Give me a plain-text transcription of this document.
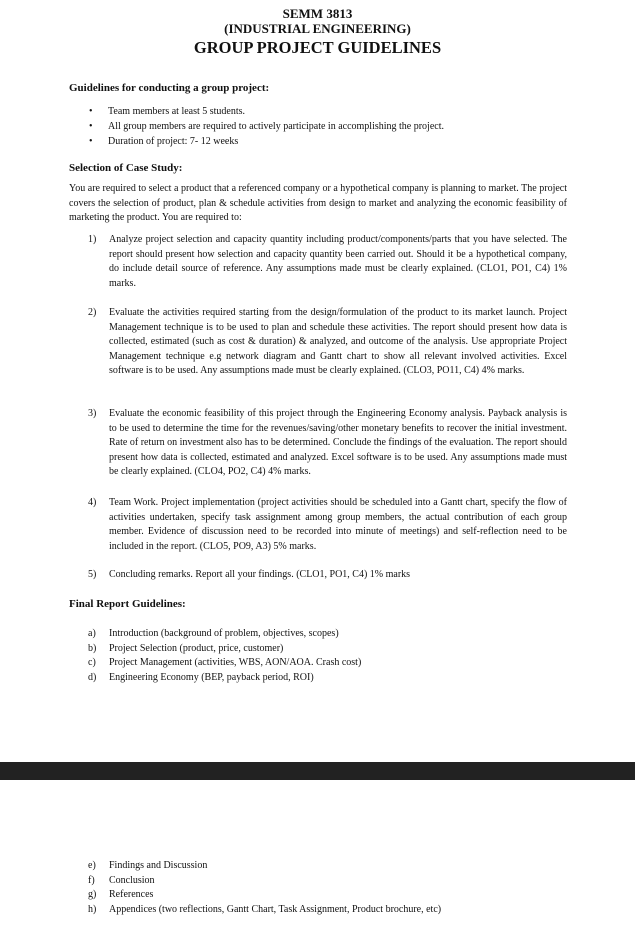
SEMM 3813
(INDUSTRIAL ENGINEERING)
GROUP PROJECT GUIDELINES
Guidelines for conducting a group project:
• Team members at least 5 students.
• All group members are required to actively participate in accomplishing the project.
• Duration of project: 7- 12 weeks
Selection of Case Study:

You are required to select a product that a referenced company or a hypothetical company is planning to market. The project covers the selection of product, plan & schedule activities from design to market and analyzing the economic feasibility of marketing the product. You are required to:

1) Analyze project selection and capacity quantity including product/components/parts that you have selected. The report should present how selection and capacity quantity been carried out. Should it be a hypothetical company, do include detail source of reference. Any assumptions made must be clearly explained. (CLO1, PO1, C4) 1% marks.
2) Evaluate the activities required starting from the design/formulation of the product to its market launch. Project Management technique is to be used to plan and schedule these activities. The report should present how data is collected, estimated (such as cost & duration) & analyzed, and outcome of the analysis. Use appropriate Project Management technique e.g network diagram and Gantt chart to show all relevant involved activities. Excel software is to be used. Any assumptions made must be clearly explained. (CLO3, PO11, C4) 4% marks.
3) Evaluate the economic feasibility of this project through the Engineering Economy analysis. Payback analysis is to be used to determine the time for the revenues/saving/other monetary benefits to recover the initial investment. Rate of return on investment also has to be determined. Conclude the findings of the evaluation. The report should present how data is collected, estimated and analyzed. Excel software is to be used. Any assumptions made must be clearly explained. (CLO4, PO2, C4) 4% marks.
4) Team Work. Project implementation (project activities should be scheduled into a Gantt chart, specify the flow of activities undertaken, specify task assignment among group members, the actual contribution of each group member. Evidence of discussion need to be recorded into minute of meetings) and self-reflection need to be included in the report. (CLO5, PO9, A3) 5% marks.
5) Concluding remarks. Report all your findings. (CLO1, PO1, C4) 1% marks
Final Report Guidelines:
a) Introduction (background of problem, objectives, scopes)
b) Project Selection (product, price, customer)
c) Project Management (activities, WBS, AON/AOA. Crash cost)
d) Engineering Economy (BEP, payback period, ROI)
e) Findings and Discussion
f) Conclusion
g) References
h) Appendices (two reflections, Gantt Chart, Task Assignment, Product brochure, etc)
